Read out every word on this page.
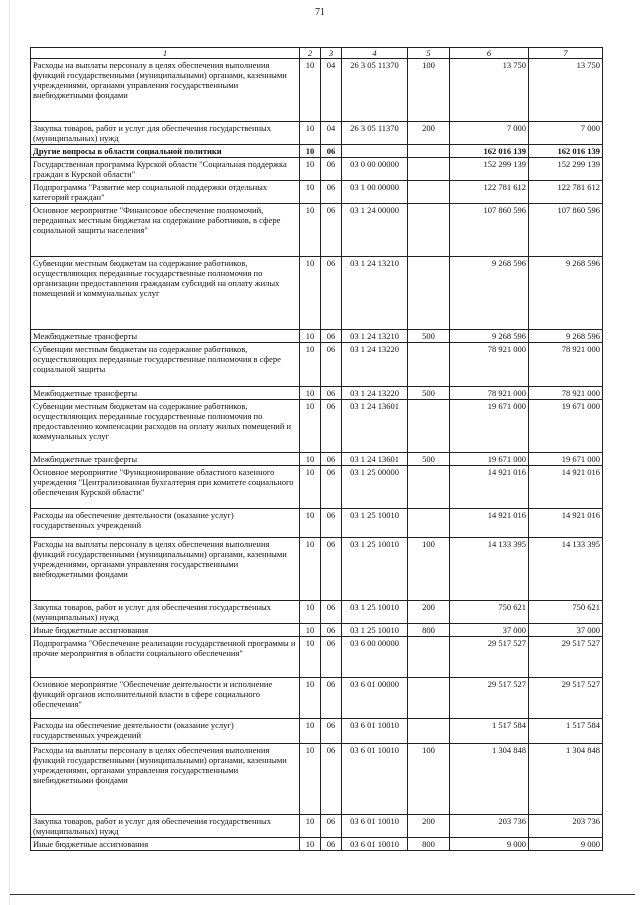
71
1	2	3	4	5	6	7
Расходы на выплаты персоналу в целях обеспечения выполнения функций государственными (муниципальными) органами, казенными учреждениями, органами управления государственными внебюджетными фондами	10	04	26 3 05 11370	100	13 750	13 750
Закупка товаров, работ и услуг для обеспечения государственных (муниципальных) нужд	10	04	26 3 05 11370	200	7 000	7 000
Другие вопросы в области социальной политики	10	06			162 016 139	162 016 139
Государственная программа Курской области "Социальная поддержка граждан в Курской области"	10	06	03 0 00 00000		152 299 139	152 299 139
Подпрограмма "Развитие мер социальной поддержки отдельных категорий граждан"	10	06	03 1 00 00000		122 781 612	122 781 612
Основное мероприятие "Финансовое обеспечение полномочий, переданных местным бюджетам на содержание работников, в сфере социальной защиты населения"	10	06	03 1 24 00000		107 860 596	107 860 596
Субвенции местным бюджетам на содержание работников, осуществляющих переданные государственные полномочия по организации предоставления гражданам субсидий на оплату жилых помещений и коммунальных услуг	10	06	03 1 24 13210		9 268 596	9 268 596
Межбюджетные трансферты	10	06	03 1 24 13210	500	9 268 596	9 268 596
Субвенции местным бюджетам на содержание работников, осуществляющих переданные государственные полномочия в сфере социальной защиты	10	06	03 1 24 13220		78 921 000	78 921 000
Межбюджетные трансферты	10	06	03 1 24 13220	500	78 921 000	78 921 000
Субвенции местным бюджетам на содержание работников, осуществляющих переданные государственные полномочия по предоставлению компенсации расходов на оплату жилых помещений и коммунальных услуг	10	06	03 1 24 13601		19 671 000	19 671 000
Межбюджетные трансферты	10	06	03 1 24 13601	500	19 671 000	19 671 000
Основное мероприятие "Функционирование областного казенного учреждения "Централизованная бухгалтерия при комитете социального обеспечения Курской области"	10	06	03 1 25 00000		14 921 016	14 921 016
Расходы на обеспечение деятельности (оказание услуг) государственных учреждений	10	06	03 1 25 10010		14 921 016	14 921 016
Расходы на выплаты персоналу в целях обеспечения выполнения функций государственными (муниципальными) органами, казенными учреждениями, органами управления государственными внебюджетными фондами	10	06	03 1 25 10010	100	14 133 395	14 133 395
Закупка товаров, работ и услуг для обеспечения государственных (муниципальных) нужд	10	06	03 1 25 10010	200	750 621	750 621
Иные бюджетные ассигнования	10	06	03 1 25 10010	800	37 000	37 000
Подпрограмма "Обеспечение реализации государственной программы и прочие мероприятия в области социального обеспечения"	10	06	03 6 00 00000		29 517 527	29 517 527
Основное мероприятие "Обеспечение деятельности и исполнение функций органов исполнительной власти в сфере социального обеспечения"	10	06	03 6 01 00000		29 517 527	29 517 527
Расходы на обеспечение деятельности (оказание услуг) государственных учреждений	10	06	03 6 01 10010		1 517 584	1 517 584
Расходы на выплаты персоналу в целях обеспечения выполнения функций государственными (муниципальными) органами, казенными учреждениями, органами управления государственными внебюджетными фондами	10	06	03 6 01 10010	100	1 304 848	1 304 848
Закупка товаров, работ и услуг для обеспечения государственных (муниципальных) нужд	10	06	03 6 01 10010	200	203 736	203 736
Иные бюджетные ассигнования	10	06	03 6 01 10010	800	9 000	9 000
